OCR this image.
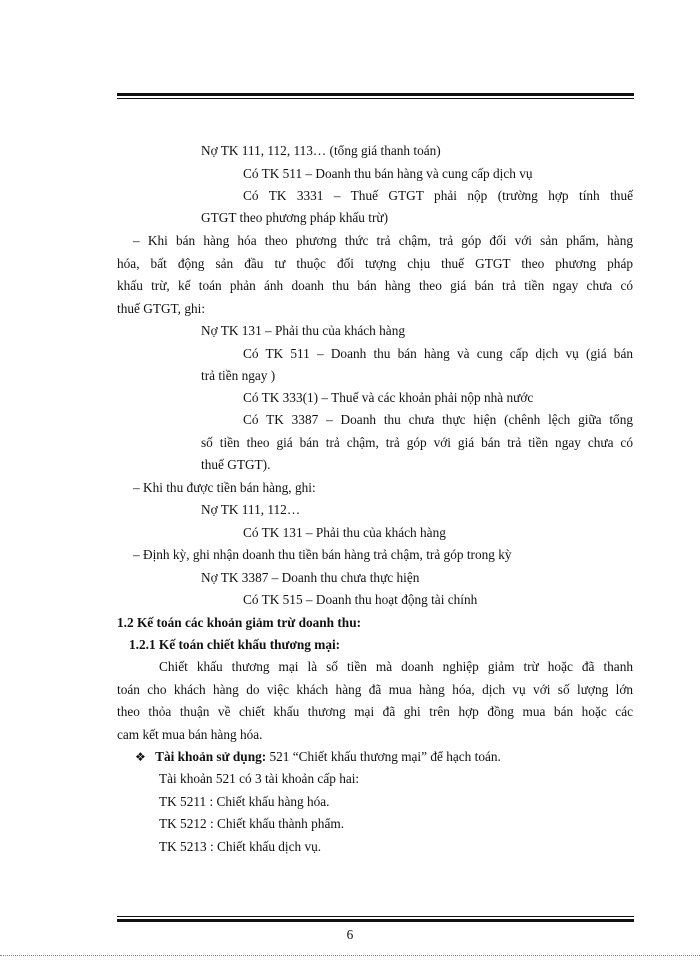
Nợ TK 111, 112, 113… (tổng giá thanh toán)
Có TK 511 – Doanh thu bán hàng và cung cấp dịch vụ
Có TK 3331 – Thuế GTGT phải nộp (trường hợp tính thuế
GTGT theo phương pháp khấu trừ)
– Khi bán hàng hóa theo phương thức trả chậm, trả góp đối với sản phẩm, hàng
hóa, bất động sản đầu tư thuộc đối tượng chịu thuế GTGT theo phương pháp
khấu trừ, kế toán phản ánh doanh thu bán hàng theo giá bán trả tiền ngay chưa có
thuế GTGT, ghi:
Nợ TK 131 – Phải thu của khách hàng
Có TK 511 – Doanh thu bán hàng và cung cấp dịch vụ (giá bán
trả tiền ngay )
Có TK 333(1) – Thuế và các khoản phải nộp nhà nước
Có TK 3387 – Doanh thu chưa thực hiện (chênh lệch giữa tổng
số tiền theo giá bán trả chậm, trả góp với giá bán trả tiền ngay chưa có
thuế GTGT).
– Khi thu được tiền bán hàng, ghi:
Nợ TK 111, 112…
Có TK 131 – Phải thu của khách hàng
– Định kỳ, ghi nhận doanh thu tiền bán hàng trả chậm, trả góp trong kỳ
Nợ TK 3387 – Doanh thu chưa thực hiện
Có TK 515 – Doanh thu hoạt động tài chính
1.2 Kế toán các khoản giảm trừ doanh thu:
1.2.1 Kế toán chiết khấu thương mại:
Chiết khấu thương mại là số tiền mà doanh nghiệp giảm trừ hoặc đã thanh
toán cho khách hàng do việc khách hàng đã mua hàng hóa, dịch vụ với số lượng lớn
theo thỏa thuận về chiết khấu thương mại đã ghi trên hợp đồng mua bán hoặc các
cam kết mua bán hàng hóa.
❖ Tài khoản sử dụng: 521 “Chiết khấu thương mại” để hạch toán.
Tài khoản 521 có 3 tài khoản cấp hai:
TK 5211 : Chiết khấu hàng hóa.
TK 5212 : Chiết khấu thành phẩm.
TK 5213 : Chiết khấu dịch vụ.
6
